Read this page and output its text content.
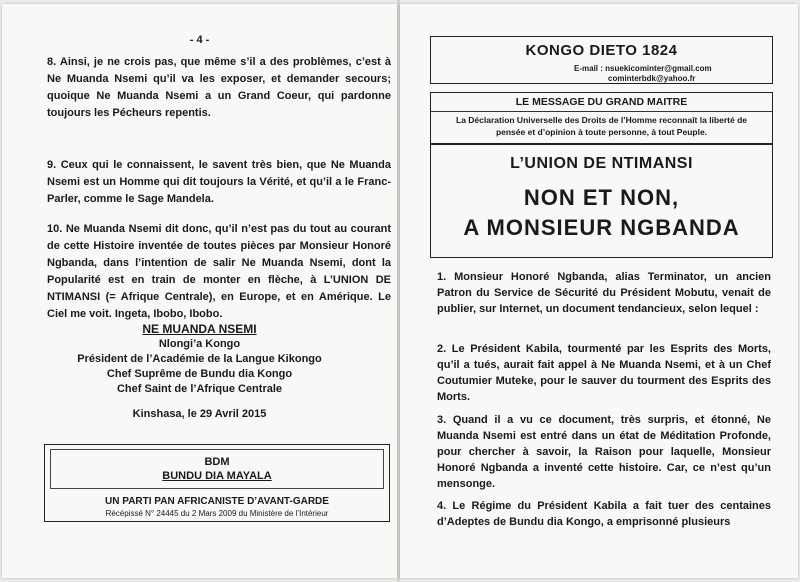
- 4 -

8. Ainsi, je ne crois pas, que même s’il a des problèmes, c’est à Ne Muanda Nsemi qu’il va les exposer, et demander secours; quoique Ne Muanda Nsemi a un Grand Coeur, qui pardonne toujours les Pécheurs repentis.

9. Ceux qui le connaissent, le savent très bien, que Ne Muanda Nsemi est un Homme qui dit toujours la Vérité, et qu’il a le Franc-Parler, comme le Sage Mandela.

10. Ne Muanda Nsemi dit donc, qu’il n’est pas du tout au courant de cette Histoire inventée de toutes pièces par Monsieur Honoré Ngbanda, dans l’intention de salir Ne Muanda Nsemi, dont la Popularité est en train de monter en flèche, à L’UNION DE NTIMANSI (= Afrique Centrale), en Europe, et en Amérique. Le Ciel me voit. Ingeta, Ibobo, Ibobo.

NE MUANDA NSEMI
Nlongi’a Kongo
Président de l’Académie de la Langue Kikongo
Chef Suprême de Bundu dia Kongo
Chef Saint de l’Afrique Centrale
Kinshasa, le 29 Avril 2015
BDM
BUNDU DIA MAYALA
UN PARTI PAN AFRICANISTE D’AVANT-GARDE
Récépissé N° 24445 du 2 Mars 2009 du Ministère de l’Intérieur
KONGO DIETO 1824
E-mail : nsuekicominter@gmail.com
cominterbdk@yahoo.fr
LE MESSAGE DU GRAND MAITRE
La Déclaration Universelle des Droits de l’Homme reconnaît la liberté de pensée et d’opinion à toute personne, à tout Peuple.
L’UNION DE NTIMANSI
NON ET NON,
A MONSIEUR NGBANDA

1. Monsieur Honoré Ngbanda, alias Terminator, un ancien Patron du Service de Sécurité du Président Mobutu, venait de publier, sur Internet, un document tendancieux, selon lequel :

2. Le Président Kabila, tourmenté par les Esprits des Morts, qu’il a tués, aurait fait appel à Ne Muanda Nsemi, et à un Chef Coutumier Muteke, pour le sauver du tourment des Esprits des Morts.

3. Quand il a vu ce document, très surpris, et étonné, Ne Muanda Nsemi est entré dans un état de Méditation Profonde, pour chercher à savoir, la Raison pour laquelle, Monsieur Honoré Ngbanda a inventé cette histoire. Car, ce n’est qu’un mensonge.

4. Le Régime du Président Kabila a fait tuer des centaines d’Adeptes de Bundu dia Kongo, a emprisonné plusieurs
